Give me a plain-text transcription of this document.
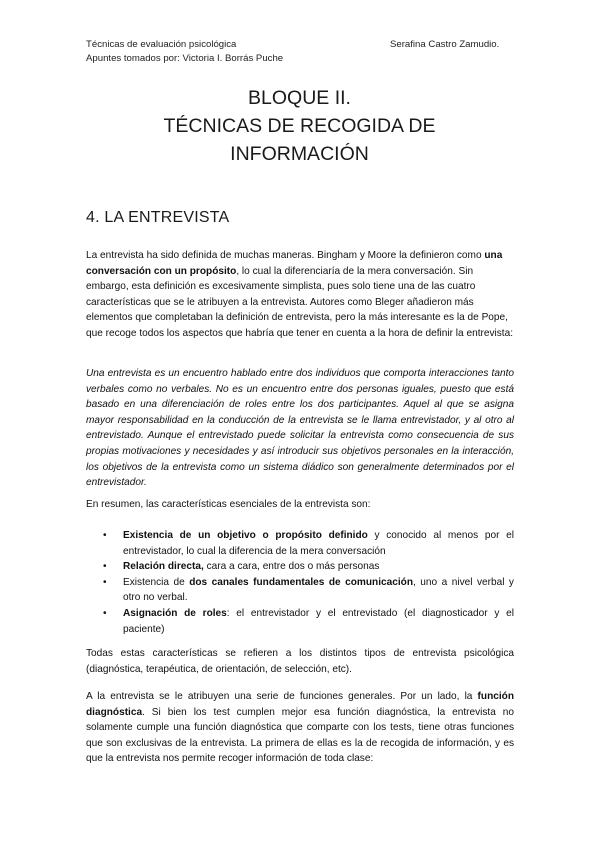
Técnicas de evaluación psicológica
Apuntes tomados por: Victoria I. Borrás Puche
Serafina Castro Zamudio.
BLOQUE II.
TÉCNICAS DE RECOGIDA DE
INFORMACIÓN
4. LA ENTREVISTA
La entrevista ha sido definida de muchas maneras. Bingham y Moore la definieron como una conversación con un propósito, lo cual la diferenciaría de la mera conversación. Sin embargo, esta definición es excesivamente simplista, pues solo tiene una de las cuatro características que se le atribuyen a la entrevista. Autores como Bleger añadieron más elementos que completaban la definición de entrevista, pero la más interesante es la de Pope, que recoge todos los aspectos que habría que tener en cuenta a la hora de definir la entrevista:
Una entrevista es un encuentro hablado entre dos individuos que comporta interacciones tanto verbales como no verbales. No es un encuentro entre dos personas iguales, puesto que está basado en una diferenciación de roles entre los dos participantes. Aquel al que se asigna mayor responsabilidad en la conducción de la entrevista se le llama entrevistador, y al otro al entrevistado. Aunque el entrevistado puede solicitar la entrevista como consecuencia de sus propias motivaciones y necesidades y así introducir sus objetivos personales en la interacción, los objetivos de la entrevista como un sistema diádico son generalmente determinados por el entrevistador.
En resumen, las características esenciales de la entrevista son:
• Existencia de un objetivo o propósito definido y conocido al menos por el entrevistador, lo cual la diferencia de la mera conversación
• Relación directa, cara a cara, entre dos o más personas
• Existencia de dos canales fundamentales de comunicación, uno a nivel verbal y otro no verbal.
• Asignación de roles: el entrevistador y el entrevistado (el diagnosticador y el paciente)
Todas estas características se refieren a los distintos tipos de entrevista psicológica (diagnóstica, terapéutica, de orientación, de selección, etc).
A la entrevista se le atribuyen una serie de funciones generales. Por un lado, la función diagnóstica. Si bien los test cumplen mejor esa función diagnóstica, la entrevista no solamente cumple una función diagnóstica que comparte con los tests, tiene otras funciones que son exclusivas de la entrevista. La primera de ellas es la de recogida de información, y es que la entrevista nos permite recoger información de toda clase:
